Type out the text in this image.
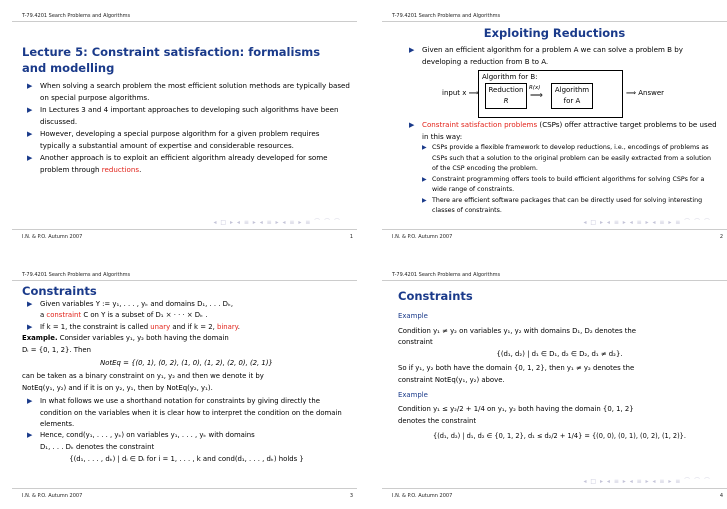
T-79.4201 Search Problems and Algorithms
Lecture 5: Constraint satisfaction: formalisms and modelling
▶ When solving a search problem the most efficient solution methods are typically based on special purpose algorithms.
▶ In Lectures 3 and 4 important approaches to developing such algorithms have been discussed.
▶ However, developing a special purpose algorithm for a given problem requires typically a substantial amount of expertise and considerable resources.
▶ Another approach is to exploit an efficient algorithm already developed for some problem through reductions.
◂ □ ▸ ◂ ≡ ▸ ◂ ≡ ▸ ◂ ≡ ▸ ≡ ⌒ ⌒ ⌒
I.N. & P.O. Autumn 2007	1
T-79.4201 Search Problems and Algorithms
Exploiting Reductions
▶ Given an efficient algorithm for a problem A we can solve a problem B by developing a reduction from B to A.
Algorithm for B:
Reduction
R
R(x)
⟹
Algorithm
for A
input x ⟹	⟹ Answer
▶ Constraint satisfaction problems (CSPs) offer attractive target problems to be used in this way:
▶ CSPs provide a flexible framework to develop reductions, i.e., encodings of problems as CSPs such that a solution to the original problem can be easily extracted from a solution of the CSP encoding the problem.
▶ Constraint programming offers tools to build efficient algorithms for solving CSPs for a wide range of constraints.
▶ There are efficient software packages that can be directly used for solving interesting classes of constraints.
◂ □ ▸ ◂ ≡ ▸ ◂ ≡ ▸ ◂ ≡ ▸ ≡ ⌒ ⌒ ⌒
I.N. & P.O. Autumn 2007	2
T-79.4201 Search Problems and Algorithms
Constraints
▶ Given variables Y := y₁, . . . , yₖ and domains D₁, . . . Dₖ,
a constraint C on Y is a subset of D₁ × · · · × Dₖ .
▶ If k = 1, the constraint is called unary and if k = 2, binary.
Example. Consider variables y₁, y₂ both having the domain
Dᵢ = {0, 1, 2}. Then
NotEq = {(0, 1), (0, 2), (1, 0), (1, 2), (2, 0), (2, 1)}
can be taken as a binary constraint on y₁, y₂ and then we denote it by
NotEq(y₁, y₂) and if it is on y₂, y₁, then by NotEq(y₂, y₁).
▶ In what follows we use a shorthand notation for constraints by giving directly the condition on the variables when it is clear how to interpret the condition on the domain elements.
▶ Hence, cond(y₁, . . . , yₖ) on variables y₁, . . . , yₖ with domains
D₁, . . . Dₖ denotes the constraint
{(d₁, . . . , dₖ) | dᵢ ∈ Dᵢ for i = 1, . . . , k and cond(d₁, . . . , dₖ) holds }
I.N. & P.O. Autumn 2007	3
T-79.4201 Search Problems and Algorithms
Constraints
Example
Condition y₁ ≠ y₂ on variables y₁, y₂ with domains D₁, D₂ denotes the
constraint
{(d₁, d₂) | d₁ ∈ D₁, d₂ ∈ D₂, d₁ ≠ d₂}.
So if y₁, y₂ both have the domain {0, 1, 2}, then y₁ ≠ y₂ denotes the
constraint NotEq(y₁, y₂) above.
Example
Condition y₁ ≤ y₂/2 + 1/4 on y₁, y₂ both having the domain {0, 1, 2}
denotes the constraint
{(d₁, d₂) | d₁, d₂ ∈ {0, 1, 2}, d₁ ≤ d₂/2 + 1/4} = {(0, 0), (0, 1), (0, 2), (1, 2)}.
◂ □ ▸ ◂ ≡ ▸ ◂ ≡ ▸ ◂ ≡ ▸ ≡ ⌒ ⌒ ⌒
I.N. & P.O. Autumn 2007	4
